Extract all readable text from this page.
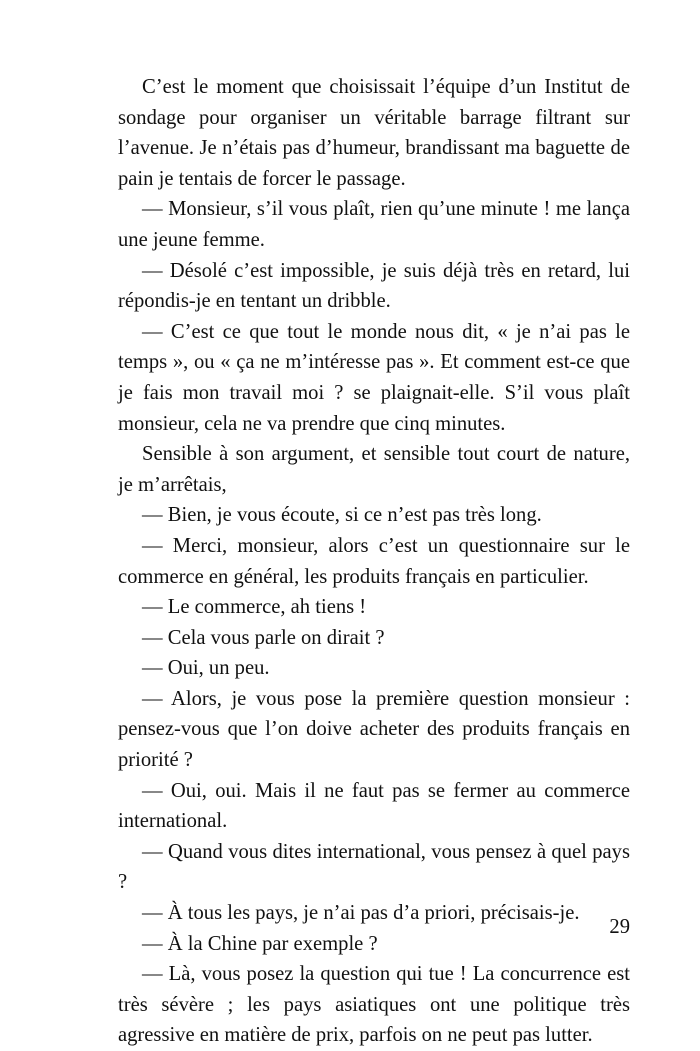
C’est le moment que choisissait l’équipe d’un Institut de sondage pour organiser un véritable barrage filtrant sur l’avenue. Je n’étais pas d’humeur, brandissant ma baguette de pain je tentais de forcer le passage.

— Monsieur, s’il vous plaît, rien qu’une minute ! me lança une jeune femme.

— Désolé c’est impossible, je suis déjà très en retard, lui répondis-je en tentant un dribble.

— C’est ce que tout le monde nous dit, « je n’ai pas le temps », ou « ça ne m’intéresse pas ». Et comment est-ce que je fais mon travail moi ? se plaignait-elle. S’il vous plaît monsieur, cela ne va prendre que cinq minutes.

Sensible à son argument, et sensible tout court de nature, je m’arrêtais,

— Bien, je vous écoute, si ce n’est pas très long.

— Merci, monsieur, alors c’est un questionnaire sur le commerce en général, les produits français en particulier.

— Le commerce, ah tiens !

— Cela vous parle on dirait ?

— Oui, un peu.

— Alors, je vous pose la première question monsieur : pensez-vous que l’on doive acheter des produits français en priorité ?

— Oui, oui. Mais il ne faut pas se fermer au commerce international.

— Quand vous dites international, vous pensez à quel pays ?

— À tous les pays, je n’ai pas d’a priori, précisais-je.

— À la Chine par exemple ?

— Là, vous posez la question qui tue ! La concurrence est très sévère ; les pays asiatiques ont une politique très agressive en matière de prix, parfois on ne peut pas lutter.

29
